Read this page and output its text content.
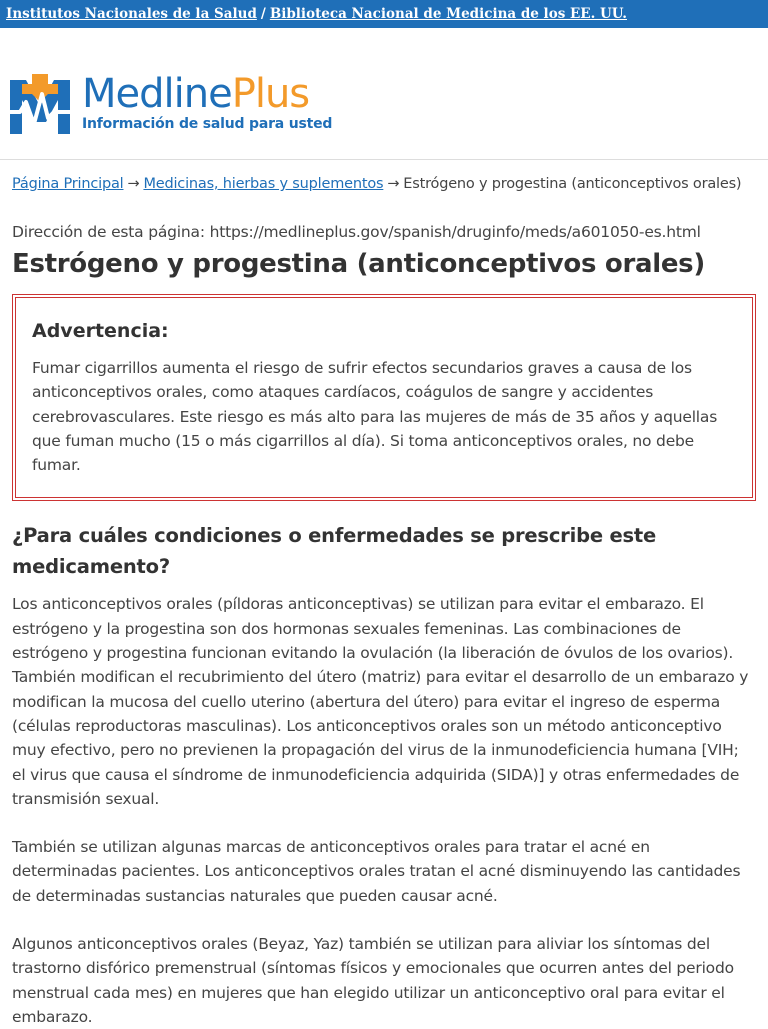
Institutos Nacionales de la Salud / Biblioteca Nacional de Medicina de los EE. UU.
MedlinePlus
Información de salud para usted
Página Principal → Medicinas, hierbas y suplementos → Estrógeno y progestina (anticonceptivos orales)
Dirección de esta página: https://medlineplus.gov/spanish/druginfo/meds/a601050-es.html
Estrógeno y progestina (anticonceptivos orales)
Advertencia:

Fumar cigarrillos aumenta el riesgo de sufrir efectos secundarios graves a causa de los anticonceptivos orales, como ataques cardíacos, coágulos de sangre y accidentes cerebrovasculares. Este riesgo es más alto para las mujeres de más de 35 años y aquellas que fuman mucho (15 o más cigarrillos al día). Si toma anticonceptivos orales, no debe fumar.

¿Para cuáles condiciones o enfermedades se prescribe este medicamento?

Los anticonceptivos orales (píldoras anticonceptivas) se utilizan para evitar el embarazo. El estrógeno y la progestina son dos hormonas sexuales femeninas. Las combinaciones de estrógeno y progestina funcionan evitando la ovulación (la liberación de óvulos de los ovarios). También modifican el recubrimiento del útero (matriz) para evitar el desarrollo de un embarazo y modifican la mucosa del cuello uterino (abertura del útero) para evitar el ingreso de esperma (células reproductoras masculinas). Los anticonceptivos orales son un método anticonceptivo muy efectivo, pero no previenen la propagación del virus de la inmunodeficiencia humana [VIH; el virus que causa el síndrome de inmunodeficiencia adquirida (SIDA)] y otras enfermedades de transmisión sexual.

También se utilizan algunas marcas de anticonceptivos orales para tratar el acné en determinadas pacientes. Los anticonceptivos orales tratan el acné disminuyendo las cantidades de determinadas sustancias naturales que pueden causar acné.

Algunos anticonceptivos orales (Beyaz, Yaz) también se utilizan para aliviar los síntomas del trastorno disfórico premenstrual (síntomas físicos y emocionales que ocurren antes del periodo menstrual cada mes) en mujeres que han elegido utilizar un anticonceptivo oral para evitar el embarazo.
